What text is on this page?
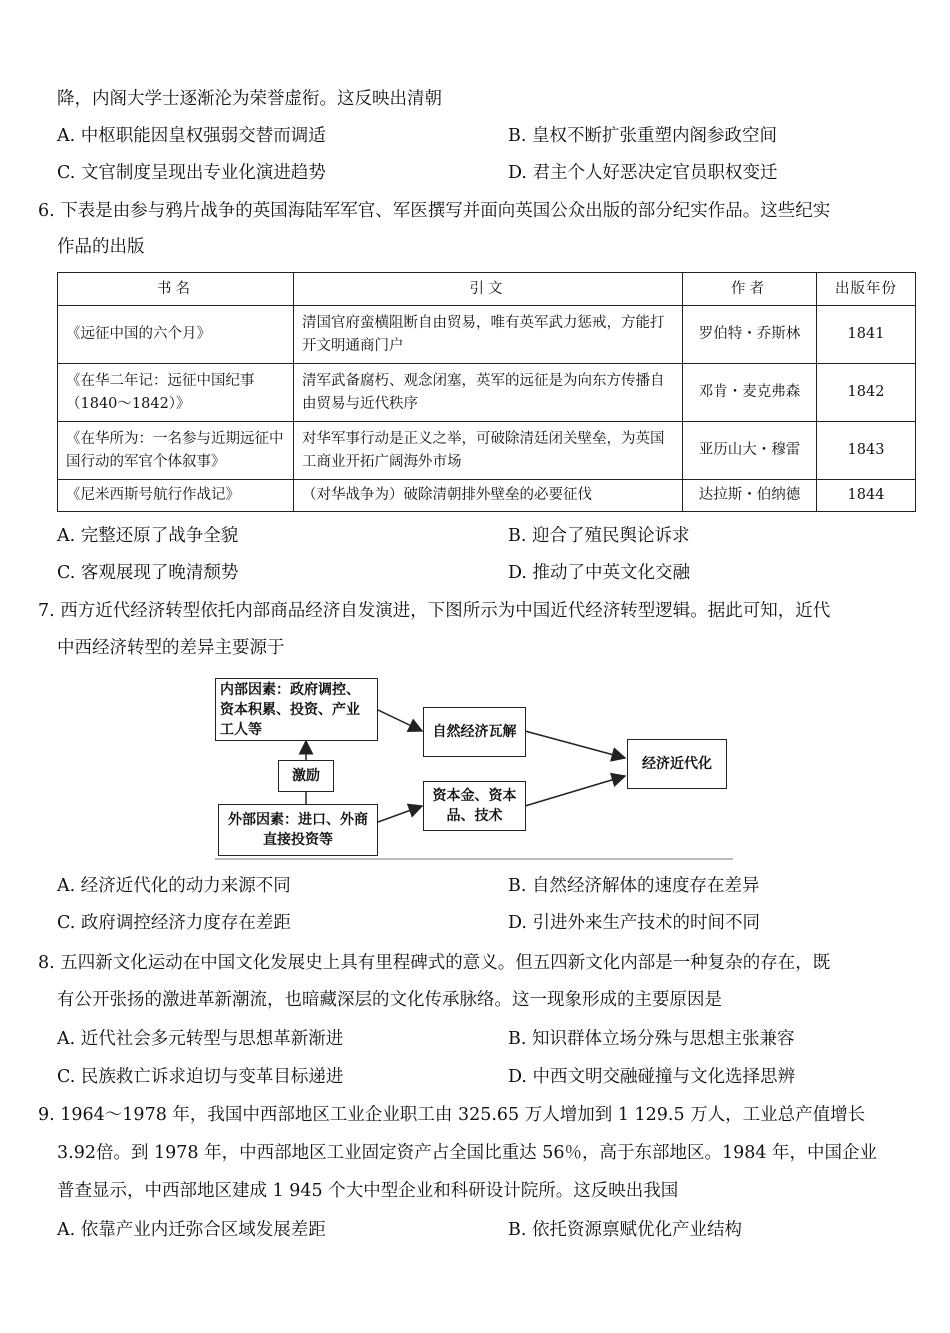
降，内阁大学士逐渐沦为荣誉虚衔。这反映出清朝
A. 中枢职能因皇权强弱交替而调适	B. 皇权不断扩张重塑内阁参政空间
C. 文官制度呈现出专业化演进趋势	D. 君主个人好恶决定官员职权变迁
6. 下表是由参与鸦片战争的英国海陆军军官、军医撰写并面向英国公众出版的部分纪实作品。这些纪实
作品的出版
书名	引文	作者	出版年份
《远征中国的六个月》	清国官府蛮横阻断自由贸易，唯有英军武力惩戒，方能打开文明通商门户	罗伯特・乔斯林	1841
《在华二年记：远征中国纪事（1840～1842）》	清军武备腐朽、观念闭塞，英军的远征是为向东方传播自由贸易与近代秩序	邓肯・麦克弗森	1842
《在华所为：一名参与近期远征中国行动的军官个体叙事》	对华军事行动是正义之举，可破除清廷闭关壁垒，为英国工商业开拓广阔海外市场	亚历山大・穆雷	1843
《尼米西斯号航行作战记》	（对华战争为）破除清朝排外壁垒的必要征伐	达拉斯・伯纳德	1844
A. 完整还原了战争全貌	B. 迎合了殖民舆论诉求
C. 客观展现了晚清颓势	D. 推动了中英文化交融
7. 西方近代经济转型依托内部商品经济自发演进，下图所示为中国近代经济转型逻辑。据此可知，近代
中西经济转型的差异主要源于
内部因素：政府调控、资本积累、投资、产业工人等
激励
外部因素：进口、外商直接投资等
自然经济瓦解
资本金、资本品、技术
经济近代化
A. 经济近代化的动力来源不同	B. 自然经济解体的速度存在差异
C. 政府调控经济力度存在差距	D. 引进外来生产技术的时间不同
8. 五四新文化运动在中国文化发展史上具有里程碑式的意义。但五四新文化内部是一种复杂的存在，既
有公开张扬的激进革新潮流，也暗藏深层的文化传承脉络。这一现象形成的主要原因是
A. 近代社会多元转型与思想革新渐进	B. 知识群体立场分殊与思想主张兼容
C. 民族救亡诉求迫切与变革目标递进	D. 中西文明交融碰撞与文化选择思辨
9. 1964～1978 年，我国中西部地区工业企业职工由 325.65 万人增加到 1 129.5 万人，工业总产值增长
3.92倍。到 1978 年，中西部地区工业固定资产占全国比重达 56％，高于东部地区。1984 年，中国企业
普查显示，中西部地区建成 1 945 个大中型企业和科研设计院所。这反映出我国
A. 依靠产业内迁弥合区域发展差距	B. 依托资源禀赋优化产业结构
